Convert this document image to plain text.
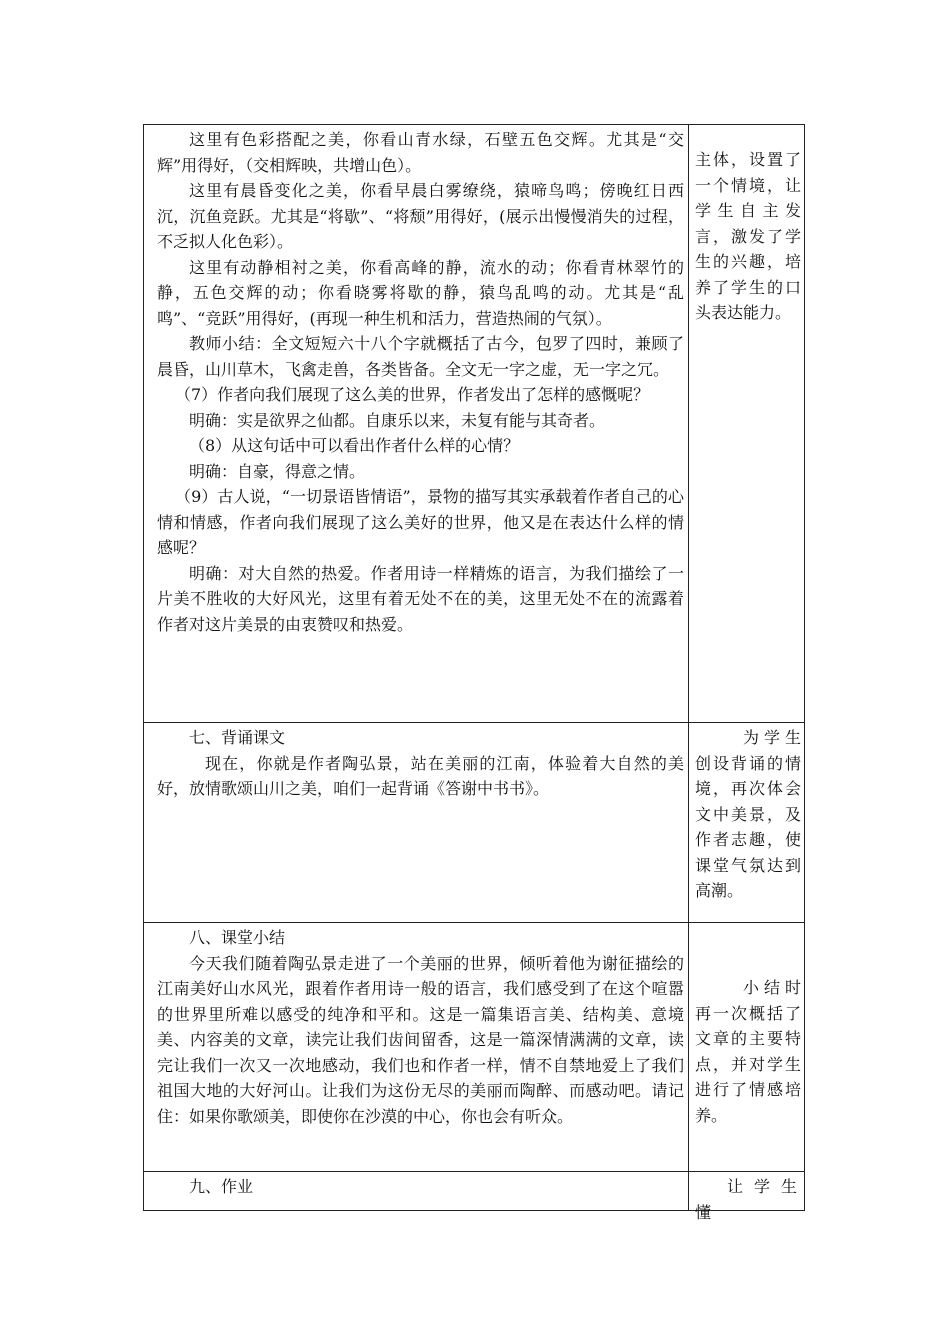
这里有色彩搭配之美，你看山青水绿，石壁五色交辉。尤其是“交辉”用得好，（交相辉映，共增山色）。

这里有晨昏变化之美，你看早晨白雾缭绕，猿啼鸟鸣；傍晚红日西沉，沉鱼竞跃。尤其是“将歇”、“将颓”用得好，(展示出慢慢消失的过程，不乏拟人化色彩）。

这里有动静相衬之美，你看高峰的静，流水的动；你看青林翠竹的静，五色交辉的动；你看晓雾将歇的静，猿鸟乱鸣的动。尤其是“乱鸣”、“竞跃”用得好，(再现一种生机和活力，营造热闹的气氛）。

教师小结：全文短短六十八个字就概括了古今，包罗了四时，兼顾了晨昏，山川草木，飞禽走兽，各类皆备。全文无一字之虚，无一字之冗。

（7）作者向我们展现了这么美的世界，作者发出了怎样的感慨呢？

明确：实是欲界之仙都。自康乐以来，未复有能与其奇者。

（8）从这句话中可以看出作者什么样的心情？

明确：自豪，得意之情。

（9）古人说，“一切景语皆情语”，景物的描写其实承载着作者自己的心情和情感，作者向我们展现了这么美好的世界，他又是在表达什么样的情感呢？

明确：对大自然的热爱。作者用诗一样精炼的语言，为我们描绘了一片美不胜收的大好风光，这里有着无处不在的美，这里无处不在的流露着作者对这片美景的由衷赞叹和热爱。

主体，设置了一个情境，让学生自主发言，激发了学生的兴趣，培养了学生的口头表达能力。

七、背诵课文

现在，你就是作者陶弘景，站在美丽的江南，体验着大自然的美好，放情歌颂山川之美，咱们一起背诵《答谢中书书》。

为学生创设背诵的情境，再次体会文中美景，及作者志趣，使课堂气氛达到高潮。

八、课堂小结

今天我们随着陶弘景走进了一个美丽的世界，倾听着他为谢征描绘的江南美好山水风光，跟着作者用诗一般的语言，我们感受到了在这个喧嚣的世界里所难以感受的纯净和平和。这是一篇集语言美、结构美、意境美、内容美的文章，读完让我们齿间留香，这是一篇深情满满的文章，读完让我们一次又一次地感动，我们也和作者一样，情不自禁地爱上了我们祖国大地的大好河山。让我们为这份无尽的美丽而陶醉、而感动吧。请记住：如果你歌颂美，即使你在沙漠的中心，你也会有听众。

小结时再一次概括了文章的主要特点，并对学生进行了情感培养。

九、作业	让学生懂
